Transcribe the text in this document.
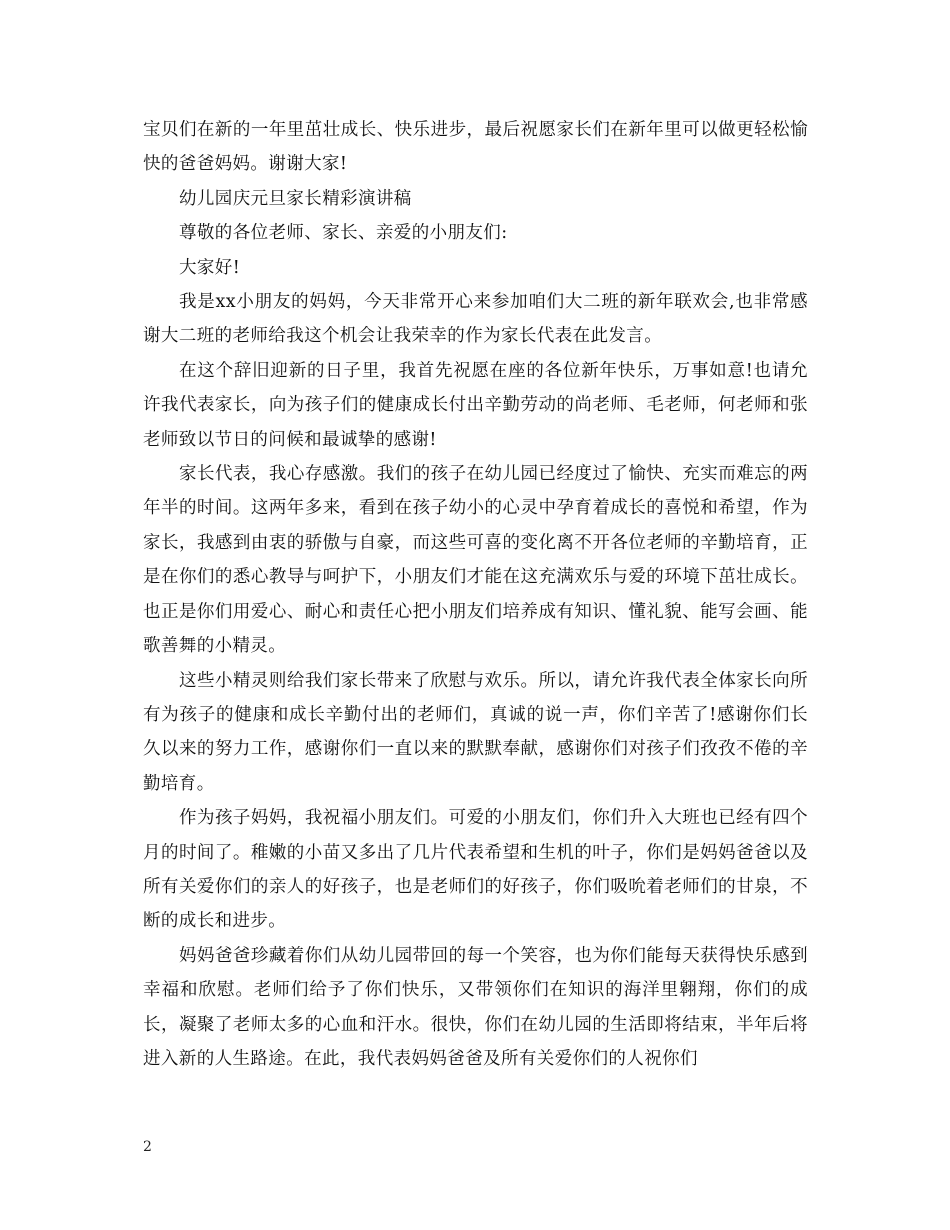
宝贝们在新的一年里茁壮成长、快乐进步，最后祝愿家长们在新年里可以做更轻松愉快的爸爸妈妈。谢谢大家!

幼儿园庆元旦家长精彩演讲稿

尊敬的各位老师、家长、亲爱的小朋友们:

大家好!

我是xx小朋友的妈妈，今天非常开心来参加咱们大二班的新年联欢会,也非常感谢大二班的老师给我这个机会让我荣幸的作为家长代表在此发言。

在这个辞旧迎新的日子里，我首先祝愿在座的各位新年快乐，万事如意!也请允许我代表家长，向为孩子们的健康成长付出辛勤劳动的尚老师、毛老师，何老师和张老师致以节日的问候和最诚挚的感谢!

家长代表，我心存感激。我们的孩子在幼儿园已经度过了愉快、充实而难忘的两年半的时间。这两年多来，看到在孩子幼小的心灵中孕育着成长的喜悦和希望，作为家长，我感到由衷的骄傲与自豪，而这些可喜的变化离不开各位老师的辛勤培育，正是在你们的悉心教导与呵护下，小朋友们才能在这充满欢乐与爱的环境下茁壮成长。也正是你们用爱心、耐心和责任心把小朋友们培养成有知识、懂礼貌、能写会画、能歌善舞的小精灵。

这些小精灵则给我们家长带来了欣慰与欢乐。所以，请允许我代表全体家长向所有为孩子的健康和成长辛勤付出的老师们，真诚的说一声，你们辛苦了!感谢你们长久以来的努力工作，感谢你们一直以来的默默奉献，感谢你们对孩子们孜孜不倦的辛勤培育。

作为孩子妈妈，我祝福小朋友们。可爱的小朋友们，你们升入大班也已经有四个月的时间了。稚嫩的小苗又多出了几片代表希望和生机的叶子，你们是妈妈爸爸以及所有关爱你们的亲人的好孩子，也是老师们的好孩子，你们吸吮着老师们的甘泉，不断的成长和进步。

妈妈爸爸珍藏着你们从幼儿园带回的每一个笑容，也为你们能每天获得快乐感到幸福和欣慰。老师们给予了你们快乐，又带领你们在知识的海洋里翱翔，你们的成长，凝聚了老师太多的心血和汗水。很快，你们在幼儿园的生活即将结束，半年后将进入新的人生路途。在此，我代表妈妈爸爸及所有关爱你们的人祝你们

2
